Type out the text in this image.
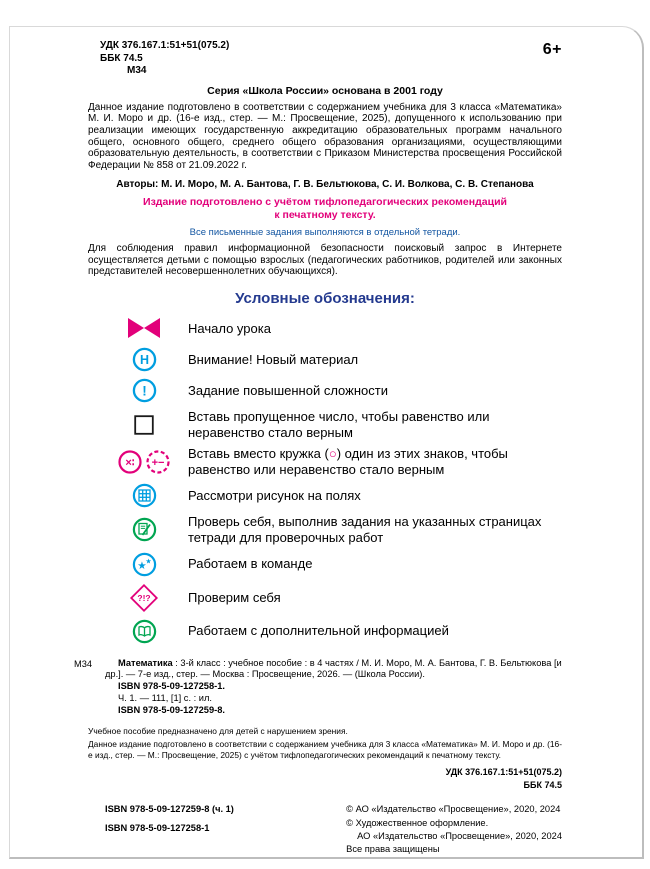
УДК 376.167.1:51+51(075.2)
ББК 74.5
М34
6+
Серия «Школа России» основана в 2001 году

Данное издание подготовлено в соответствии с содержанием учебника для 3 класса «Математика» М. И. Моро и др. (16-е изд., стер. — М.: Просвещение, 2025), допущенного к использованию при реализации имеющих государственную аккредитацию образовательных программ начального общего, основного общего, среднего общего образования организациями, осуществляющими образовательную деятельность, в соответствии с Приказом Министерства просвещения Российской Федерации № 858 от 21.09.2022 г.

Авторы: М. И. Моро, М. А. Бантова, Г. В. Бельтюкова, С. И. Волкова, С. В. Степанова
Издание подготовлено с учётом тифлопедагогических рекомендаций
к печатному тексту.
Все письменные задания выполняются в отдельной тетради.

Для соблюдения правил информационной безопасности поисковый запрос в Интернете осуществляется детьми с помощью взрослых (педагогических работников, родителей или законных представителей несовершеннолетних обучающихся).

Условные обозначения:
Начало урока
Н	Внимание! Новый материал
!	Задание повышенной сложности
Вставь пропущенное число, чтобы равенство или неравенство стало верным
×∶ +−
Вставь вместо кружка (○) один из этих знаков, чтобы равенство или неравенство стало верным
Рассмотри рисунок на полях
Проверь себя, выполнив задания на указанных страницах тетради для проверочных работ
★
★	Работаем в команде
?!?	Проверим себя
Работаем с дополнительной информацией
М34	Математика : 3-й класс : учебное пособие : в 4 частях / М. И. Моро, М. А. Бантова, Г. В. Бельтюкова [и др.]. — 7-е изд., стер. — Москва : Просвещение, 2026. — (Школа России).

ISBN 978-5-09-127258-1.
Ч. 1. — 111, [1] с. : ил.
ISBN 978-5-09-127259-8.

Учебное пособие предназначено для детей с нарушением зрения.

Данное издание подготовлено в соответствии с содержанием учебника для 3 класса «Математика» М. И. Моро и др. (16-е изд., стер. — М.: Просвещение, 2025) с учётом тифлопедагогических рекомендаций к печатному тексту.

УДК 376.167.1:51+51(075.2)
ББК 74.5
ISBN 978-5-09-127259-8 (ч. 1)
ISBN 978-5-09-127258-1
© АО «Издательство «Просвещение», 2020, 2024
© Художественное оформление.
АО «Издательство «Просвещение», 2020, 2024
Все права защищены
